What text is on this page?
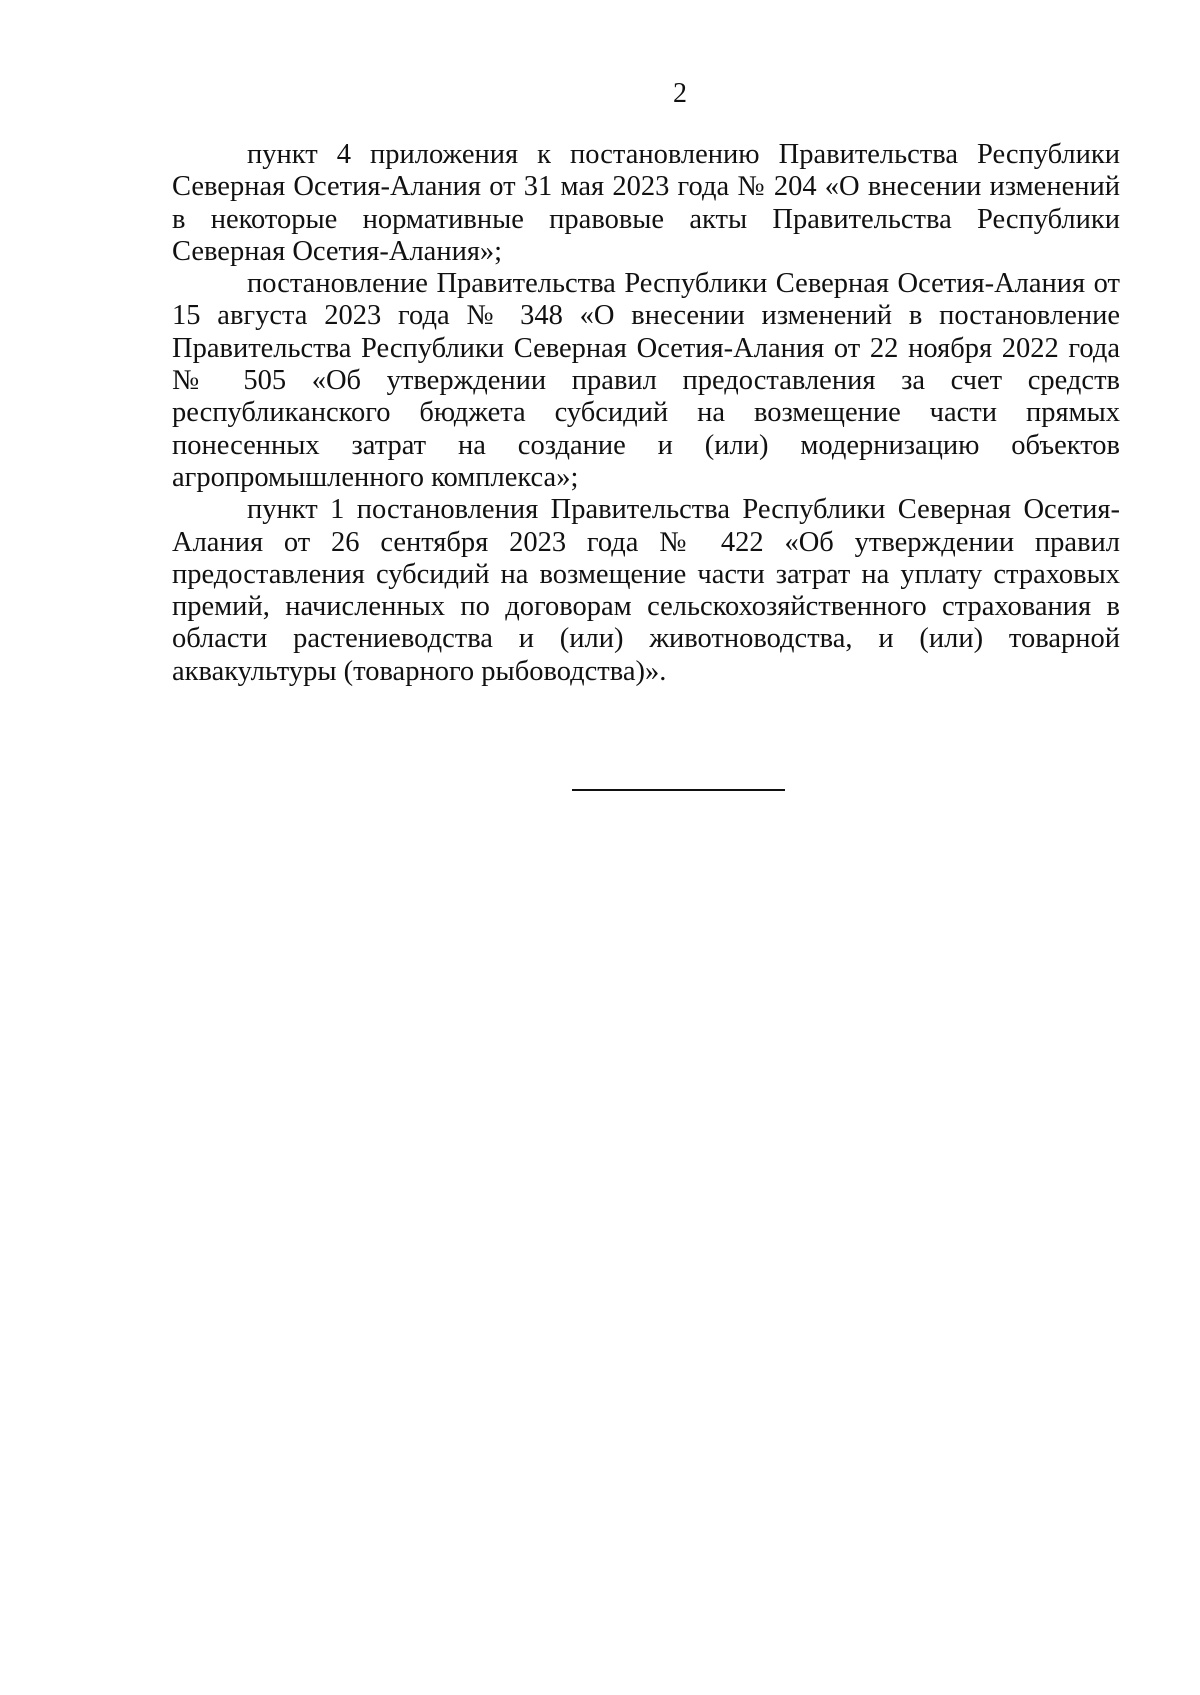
2

пункт 4 приложения к постановлению Правительства Республики Северная Осетия-Алания от 31 мая 2023 года № 204 «О внесении изменений в некоторые нормативные правовые акты Правительства Республики Северная Осетия-Алания»;

постановление Правительства Республики Северная Осетия-Алания от 15 августа 2023 года № 348 «О внесении изменений в постановление Правительства Республики Северная Осетия-Алания от 22 ноября 2022 года № 505 «Об утверждении правил предоставления за счет средств республиканского бюджета субсидий на возмещение части прямых понесенных затрат на создание и (или) модернизацию объектов агропромышленного комплекса»;

пункт 1 постановления Правительства Республики Северная Осетия-Алания от 26 сентября 2023 года № 422 «Об утверждении правил предоставления субсидий на возмещение части затрат на уплату страховых премий, начисленных по договорам сельскохозяйственного страхования в области растениеводства и (или) животноводства, и (или) товарной аквакультуры (товарного рыбоводства)».
